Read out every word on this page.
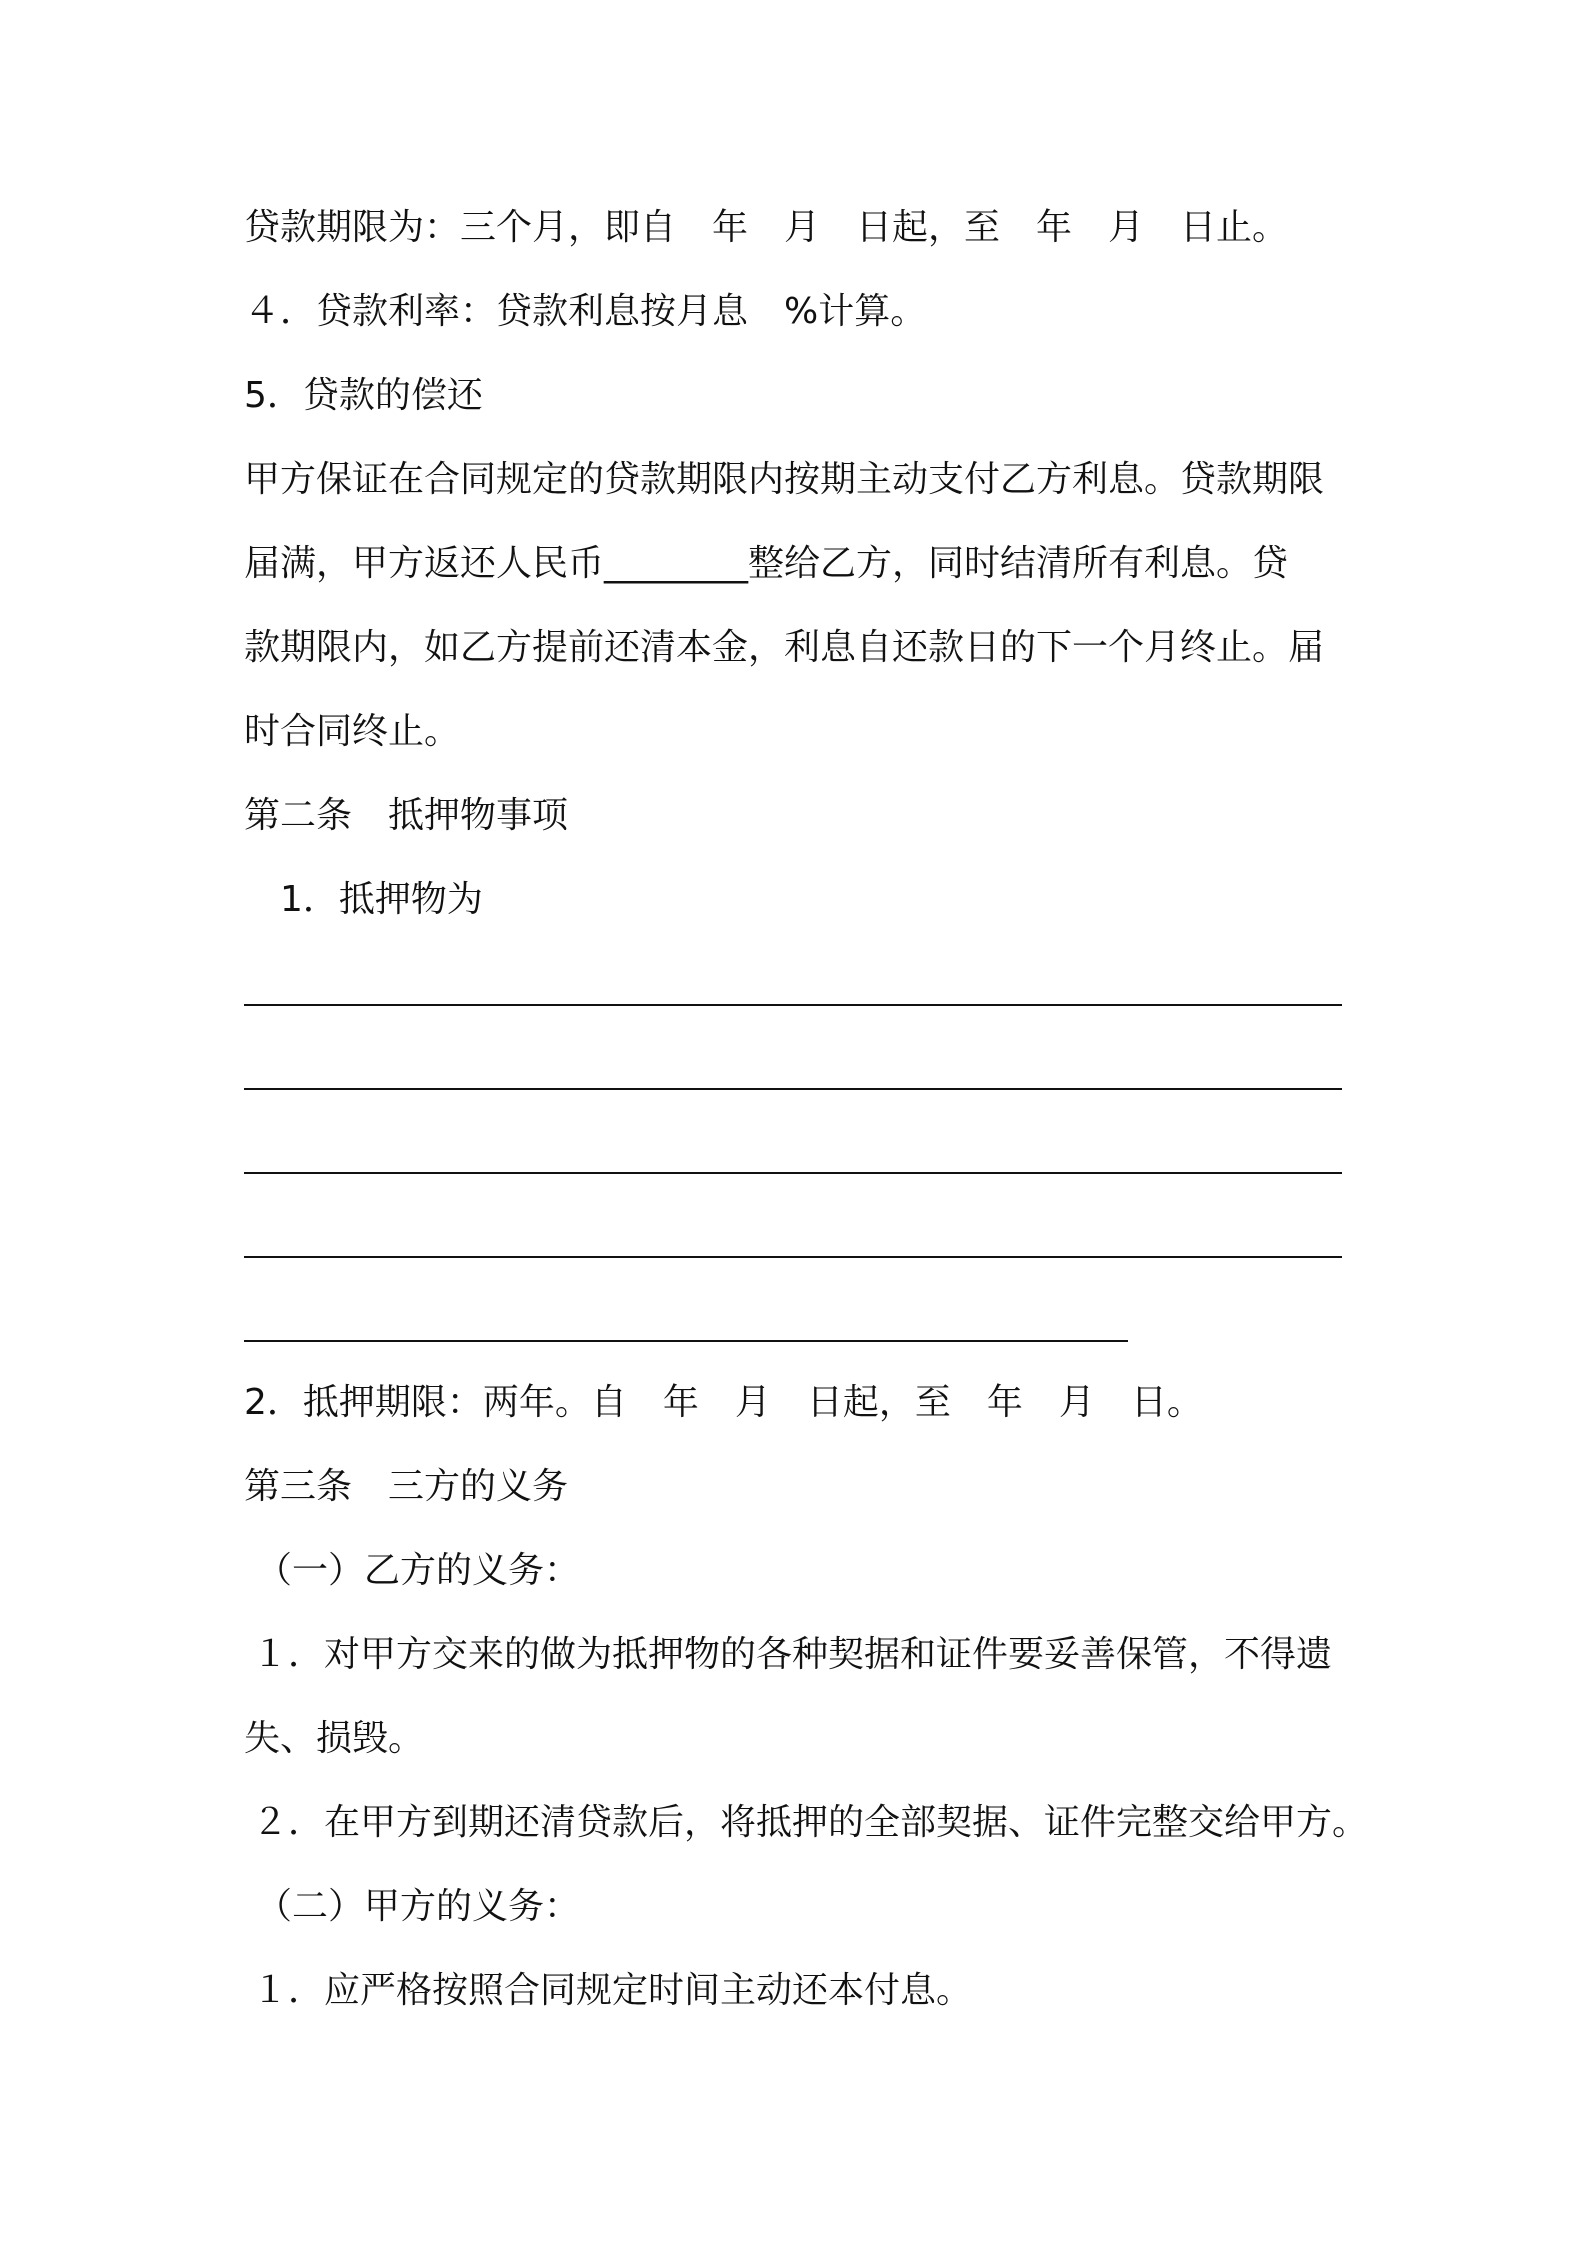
贷款期限为：三个月，即自　年　月　日起，至　年　月　日止。
４．贷款利率：贷款利息按月息　%计算。
5．贷款的偿还
甲方保证在合同规定的贷款期限内按期主动支付乙方利息。贷款期限
届满，甲方返还人民币________整给乙方，同时结清所有利息。贷
款期限内，如乙方提前还清本金，利息自还款日的下一个月终止。届
时合同终止。
第二条　抵押物事项
1．抵押物为
2．抵押期限：两年。自　年　月　日起，至　年　月　日。
第三条　三方的义务
（一）乙方的义务：
１．对甲方交来的做为抵押物的各种契据和证件要妥善保管，不得遗
失、损毁。
２．在甲方到期还清贷款后，将抵押的全部契据、证件完整交给甲方。
（二）甲方的义务：
１．应严格按照合同规定时间主动还本付息。
